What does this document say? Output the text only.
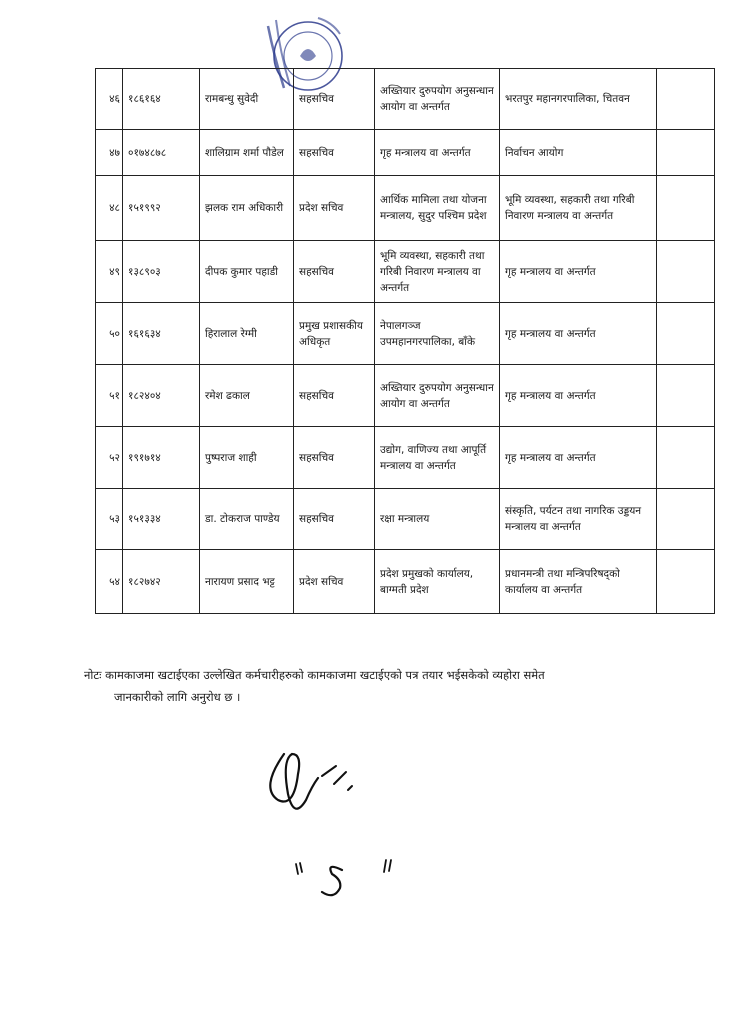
४६	१८६१६४	रामबन्धु सुवेदी	सहसचिव	अख्तियार दुरुपयोग अनुसन्धान आयोग वा अन्तर्गत	भरतपुर महानगरपालिका, चितवन	
४७	०१७४८७८	शालिग्राम शर्मा पौडेल	सहसचिव	गृह मन्त्रालय वा अन्तर्गत	निर्वाचन आयोग	
४८	१५१९९२	झलक राम अधिकारी	प्रदेश सचिव	आर्थिक मामिला तथा योजना मन्त्रालय, सुदुर पश्चिम प्रदेश	भूमि व्यवस्था, सहकारी तथा गरिबी निवारण मन्त्रालय वा अन्तर्गत	
४९	१३८९०३	दीपक कुमार पहाडी	सहसचिव	भूमि व्यवस्था, सहकारी तथा गरिबी निवारण मन्त्रालय वा अन्तर्गत	गृह मन्त्रालय वा अन्तर्गत	
५०	१६१६३४	हिरालाल रेग्मी	प्रमुख प्रशासकीय अधिकृत	नेपालगञ्ज उपमहानगरपालिका, बाँके	गृह मन्त्रालय वा अन्तर्गत	
५१	१८२४०४	रमेश ढकाल	सहसचिव	अख्तियार दुरुपयोग अनुसन्धान आयोग वा अन्तर्गत	गृह मन्त्रालय वा अन्तर्गत	
५२	१९१७१४	पुष्पराज शाही	सहसचिव	उद्योग, वाणिज्य तथा आपूर्ति मन्त्रालय वा अन्तर्गत	गृह मन्त्रालय वा अन्तर्गत	
५३	१५१३३४	डा. टोकराज पाण्डेय	सहसचिव	रक्षा मन्त्रालय	संस्कृति, पर्यटन तथा नागरिक उड्डयन मन्त्रालय वा अन्तर्गत	
५४	१८२७४२	नारायण प्रसाद भट्ट	प्रदेश सचिव	प्रदेश प्रमुखको कार्यालय, बाग्मती प्रदेश	प्रधानमन्त्री तथा मन्त्रिपरिषद्को कार्यालय वा अन्तर्गत	
नोटः कामकाजमा खटाईएका उल्लेखित कर्मचारीहरुको कामकाजमा खटाईएको पत्र तयार भईसकेको व्यहोरा समेत
जानकारीको लागि अनुरोध छ ।
